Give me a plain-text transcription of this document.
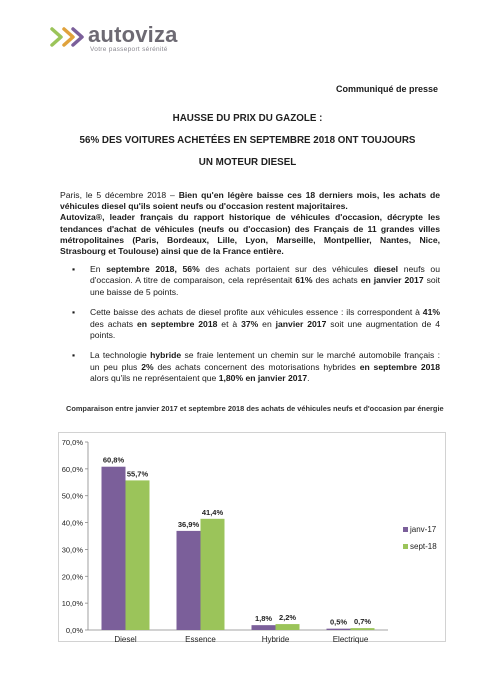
autoviza
Votre passeport sérénité
Communiqué de presse
HAUSSE DU PRIX DU GAZOLE :
56% DES VOITURES ACHETÉES EN SEPTEMBRE 2018 ONT TOUJOURS
UN MOTEUR DIESEL

Paris, le 5 décembre 2018 – Bien qu'en légère baisse ces 18 derniers mois, les achats de véhicules diesel qu'ils soient neufs ou d'occasion restent majoritaires.

Autoviza®, leader français du rapport historique de véhicules d'occasion, décrypte les tendances d'achat de véhicules (neufs ou d'occasion) des Français de 11 grandes villes métropolitaines (Paris, Bordeaux, Lille, Lyon, Marseille, Montpellier, Nantes, Nice, Strasbourg et Toulouse) ainsi que de la France entière.

▪ En septembre 2018, 56% des achats portaient sur des véhicules diesel neufs ou d'occasion. A titre de comparaison, cela représentait 61% des achats en janvier 2017 soit une baisse de 5 points.
▪ Cette baisse des achats de diesel profite aux véhicules essence : ils correspondent à 41% des achats en septembre 2018 et à 37% en janvier 2017 soit une augmentation de 4 points.
▪ La technologie hybride se fraie lentement un chemin sur le marché automobile français : un peu plus 2% des achats concernent des motorisations hybrides en septembre 2018 alors qu'ils ne représentaient que 1,80% en janvier 2017.
Comparaison entre janvier 2017 et septembre 2018 des achats de véhicules neufs et d'occasion par énergie
0,0%
10,0%
20,0%
30,0%
40,0%
50,0%
60,0%
70,0%
60,8%
55,7%
Diesel
36,9%
41,4%
Essence
1,8% 2,2%
Hybride
0,5% 0,7%
Electrique
janv-17
sept-18
